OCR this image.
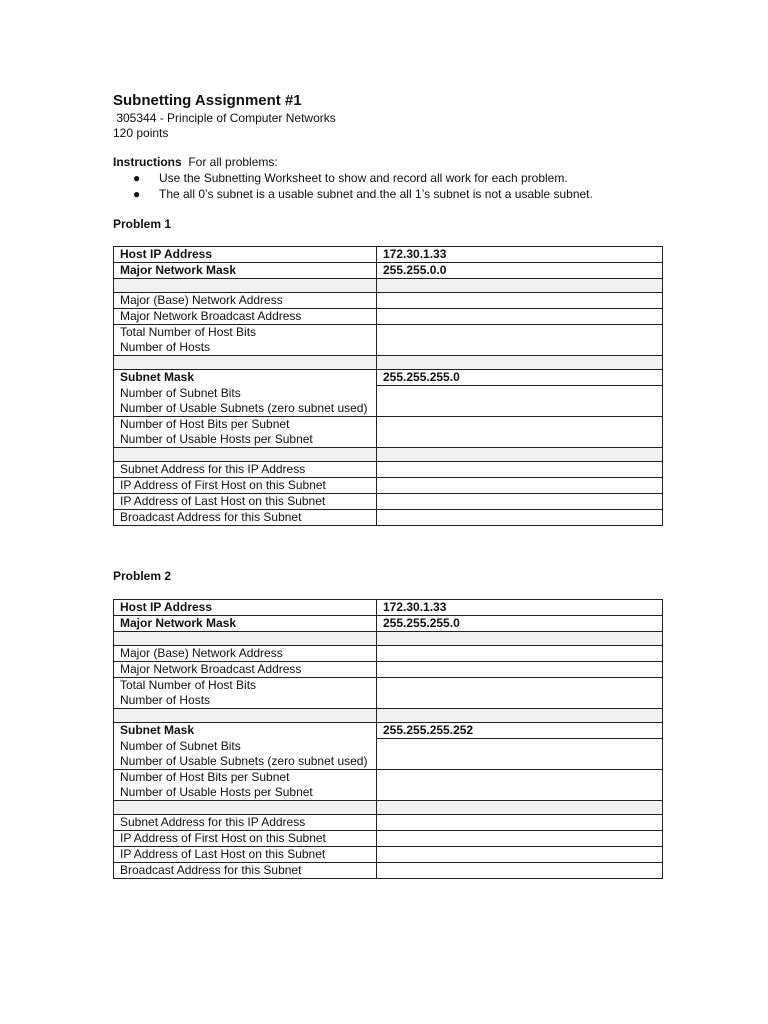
Subnetting Assignment #1
305344 - Principle of Computer Networks
120 points
Instructions For all problems:
● Use the Subnetting Worksheet to show and record all work for each problem.
● The all 0’s subnet is a usable subnet and the all 1’s subnet is not a usable subnet.
Problem 1
Host IP Address	172.30.1.33
Major Network Mask	255.255.0.0

Major (Base) Network Address	
Major Network Broadcast Address	
Total Number of Host Bits	
Number of Hosts	

Subnet Mask	255.255.255.0
Number of Subnet Bits	
Number of Usable Subnets (zero subnet used)	
Number of Host Bits per Subnet	
Number of Usable Hosts per Subnet	

Subnet Address for this IP Address	
IP Address of First Host on this Subnet	
IP Address of Last Host on this Subnet	
Broadcast Address for this Subnet	
Problem 2
Host IP Address	172.30.1.33
Major Network Mask	255.255.255.0

Major (Base) Network Address	
Major Network Broadcast Address	
Total Number of Host Bits	
Number of Hosts	

Subnet Mask	255.255.255.252
Number of Subnet Bits	
Number of Usable Subnets (zero subnet used)	
Number of Host Bits per Subnet	
Number of Usable Hosts per Subnet	

Subnet Address for this IP Address	
IP Address of First Host on this Subnet	
IP Address of Last Host on this Subnet	
Broadcast Address for this Subnet	
